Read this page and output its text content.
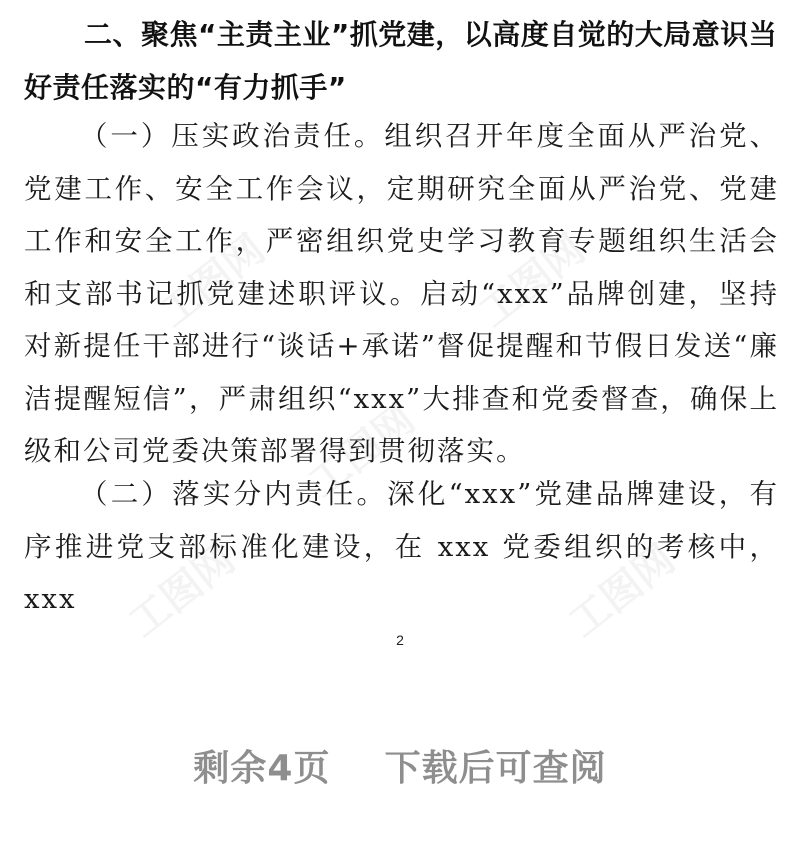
工图网	工图网
工图网
工图网	工图网
二、聚焦“主责主业”抓党建，以高度自觉的大局意识当好责任落实的“有力抓手”
（一）压实政治责任。组织召开年度全面从严治党、党建工作、安全工作会议，定期研究全面从严治党、党建工作和安全工作，严密组织党史学习教育专题组织生活会和支部书记抓党建述职评议。启动“xxx”品牌创建，坚持对新提任干部进行“谈话+承诺”督促提醒和节假日发送“廉洁提醒短信”，严肃组织“xxx”大排查和党委督查，确保上级和公司党委决策部署得到贯彻落实。
（二）落实分内责任。深化“xxx”党建品牌建设，有序推进党支部标准化建设，在 xxx 党委组织的考核中，xxx
2
剩余4页    下载后可查阅
